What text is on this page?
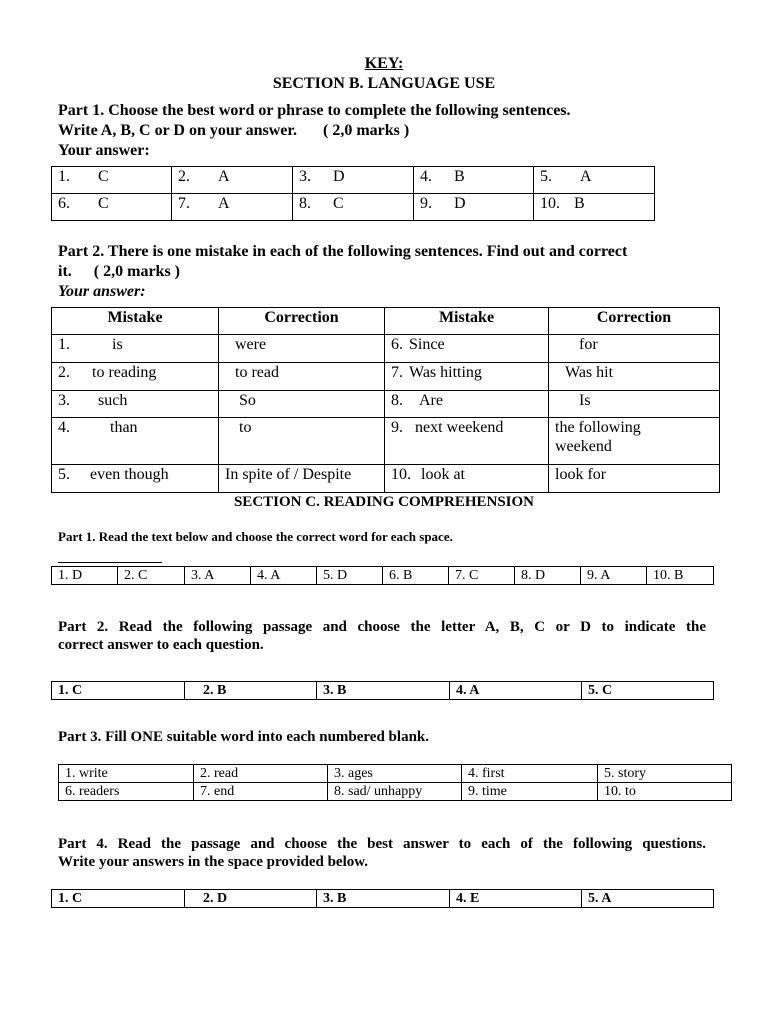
KEY:
SECTION B. LANGUAGE USE
Part 1. Choose the best word or phrase to complete the following sentences.
Write A, B, C or D on your answer. ( 2,0 marks )
Your answer:
1. C	2. A	3. D	4. B	5. A
6. C	7. A	8. C	9. D	10. B
Part 2. There is one mistake in each of the following sentences. Find out and correct
it. ( 2,0 marks )
Your answer:
Mistake	Correction	Mistake	Correction
1. is	were	6. Since	for
2. to reading	to read	7. Was hitting	Was hit
3. such	So	8. Are	Is
4. than	to	9. next weekend	the following weekend
5. even though	In spite of / Despite	10. look at	look for
SECTION C. READING COMPREHENSION
Part 1. Read the text below and choose the correct word for each space.
1. D	2. C	3. A	4. A	5. D	6. B	7. C	8. D	9. A	10. B
Part 2. Read the following passage and choose the letter A, B, C or D to indicate the
correct answer to each question.
1. C	2. B	3. B	4. A	5. C
Part 3. Fill ONE suitable word into each numbered blank.
1. write	2. read	3. ages	4. first	5. story
6. readers	7. end	8. sad/ unhappy	9. time	10. to
Part 4. Read the passage and choose the best answer to each of the following questions.
Write your answers in the space provided below.
1. C	2. D	3. B	4. E	5. A
